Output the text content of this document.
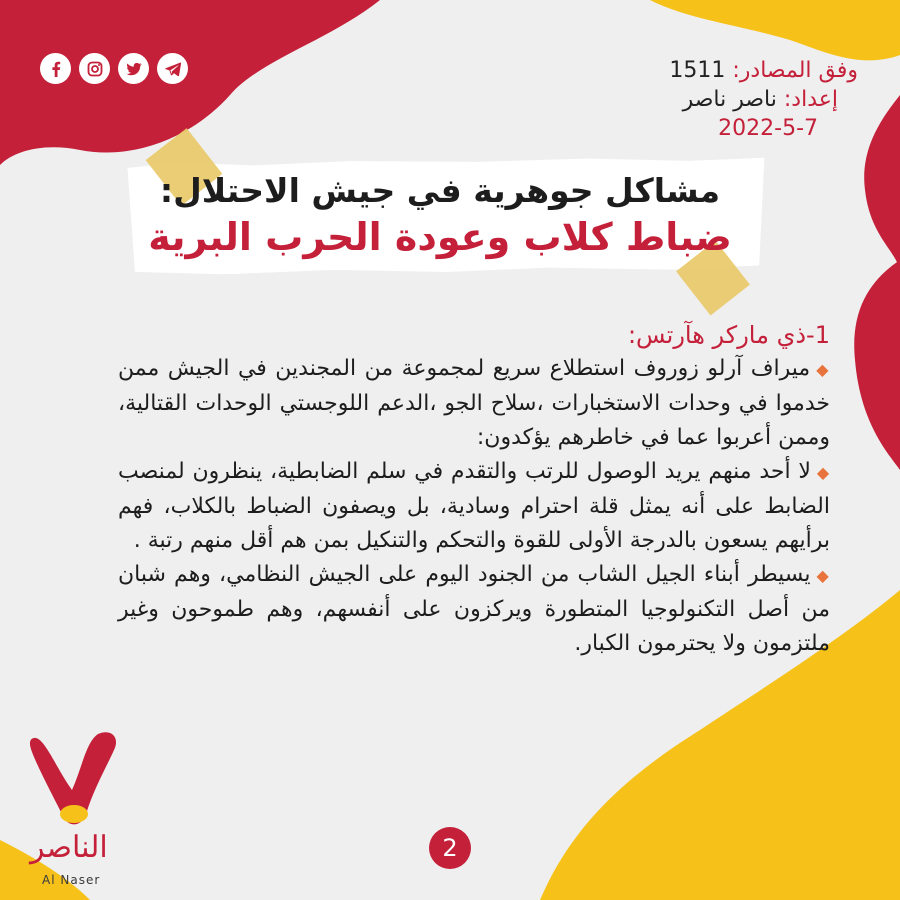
وفق المصادر: 1511
إعداد: ناصر ناصر
2022-5-7
مشاكل جوهرية في جيش الاحتلال:
ضباط كلاب وعودة الحرب البرية
1-ذي ماركر هآرتس:

◆ميراف آرلو زوروف استطلاع سريع لمجموعة من المجندين في الجيش ممن خدموا في وحدات الاستخبارات ،سلاح الجو ،الدعم اللوجستي الوحدات القتالية، وممن أعربوا عما في خاطرهم يؤكدون:

◆لا أحد منهم يريد الوصول للرتب والتقدم في سلم الضابطية، ينظرون لمنصب الضابط على أنه يمثل قلة احترام وسادية، بل ويصفون الضباط بالكلاب، فهم برأيهم يسعون بالدرجة الأولى للقوة والتحكم والتنكيل بمن هم أقل منهم رتبة .

◆يسيطر أبناء الجيل الشاب من الجنود اليوم على الجيش النظامي، وهم شبان من أصل التكنولوجيا المتطورة ويركزون على أنفسهم، وهم طموحون وغير ملتزمون ولا يحترمون الكبار.

الناصر
Al Naser
2
